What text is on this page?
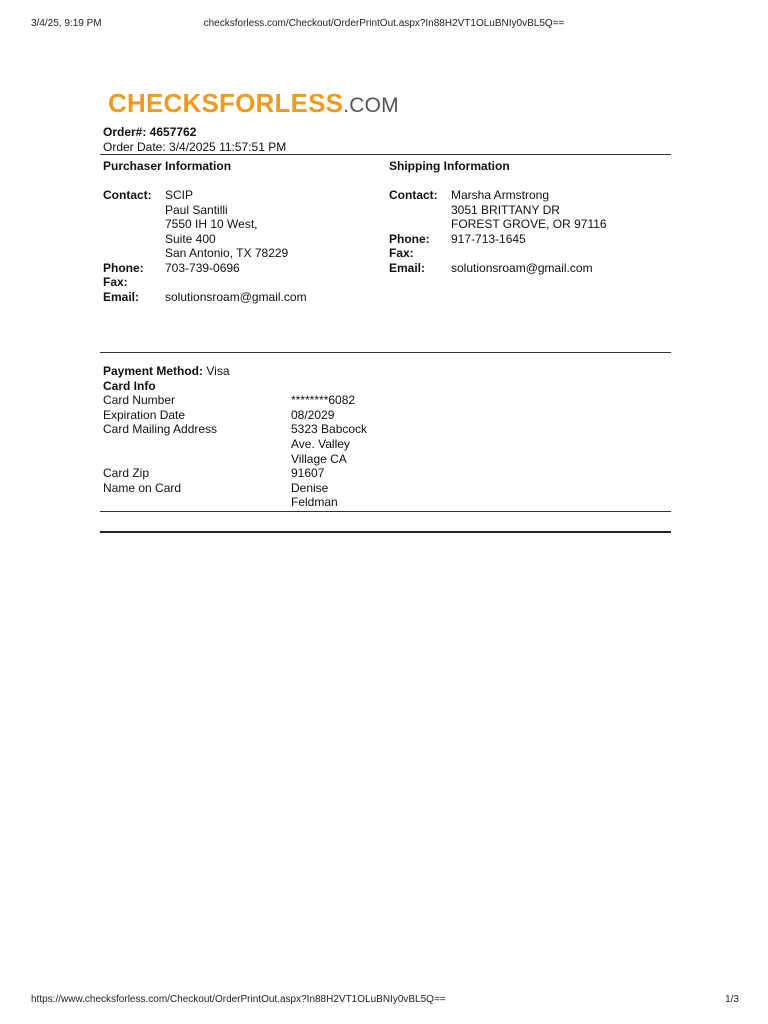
3/4/25, 9:19 PM	checksforless.com/Checkout/OrderPrintOut.aspx?In88H2VT1OLuBNIy0vBL5Q==
CHECKSFORLESS.COM
Order#: 4657762
Order Date: 3/4/2025 11:57:51 PM
Purchaser Information
Contact:	SCIP
Paul Santilli
7550 IH 10 West,
Suite 400
San Antonio, TX 78229
Phone:	703-739-0696
Fax:
Email:	solutionsroam@gmail.com
Shipping Information
Contact:	Marsha Armstrong
3051 BRITTANY DR
FOREST GROVE, OR 97116
Phone:	917-713-1645
Fax:
Email:	solutionsroam@gmail.com
Payment Method: Visa
Card Info
Card Number	********6082
Expiration Date	08/2029
Card Mailing Address	5323 Babcock
Ave. Valley
Village CA
Card Zip	91607
Name on Card	Denise
Feldman
https://www.checksforless.com/Checkout/OrderPrintOut.aspx?In88H2VT1OLuBNIy0vBL5Q==	1/3
